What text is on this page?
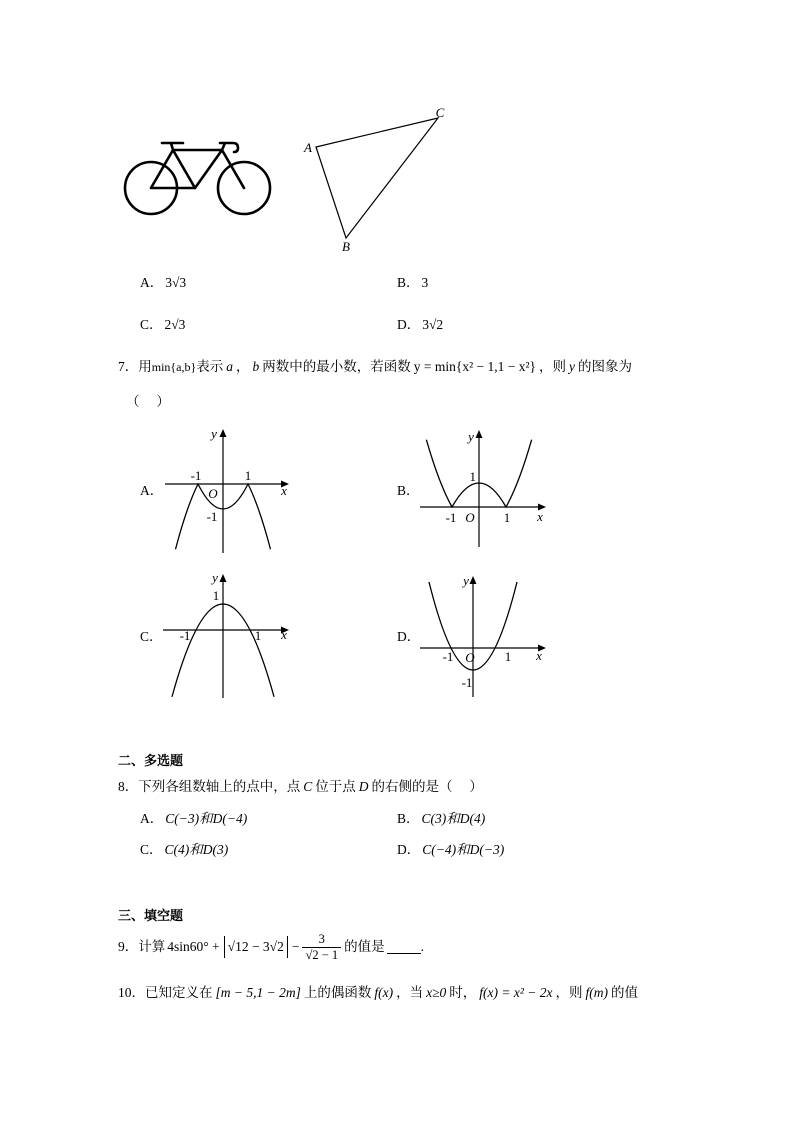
A
C
B
A． 3√3	B． 3
C． 2√3	D． 3√2
7．用min{a,b}表示 a ， b 两数中的最小数，若函数 y = min{x² − 1,1 − x²} ，则 y 的图象为
（　 ）
A．	B．
C．	D．
y
x
-1	1
O
-1
y
x
1
-1 O 1
y
1
-1	1 x
y
-1 O 1
-1
x
二、多选题
8．下列各组数轴上的点中，点 C 位于点 D 的右侧的是（　 ）
A． C(−3)和D(−4)	B． C(3)和D(4)
C． C(4)和D(3)	D． C(−4)和D(−3)
三、填空题
9．计算 $4\sin 60^\circ + √12 - 3√2 - \frac{3}{√2 - 1}$ 的值是	.
10．已知定义在 [m − 5,1 − 2m] 上的偶函数 f(x) ，当 x≥0 时， f(x) = x² − 2x ，则 f(m) 的值
